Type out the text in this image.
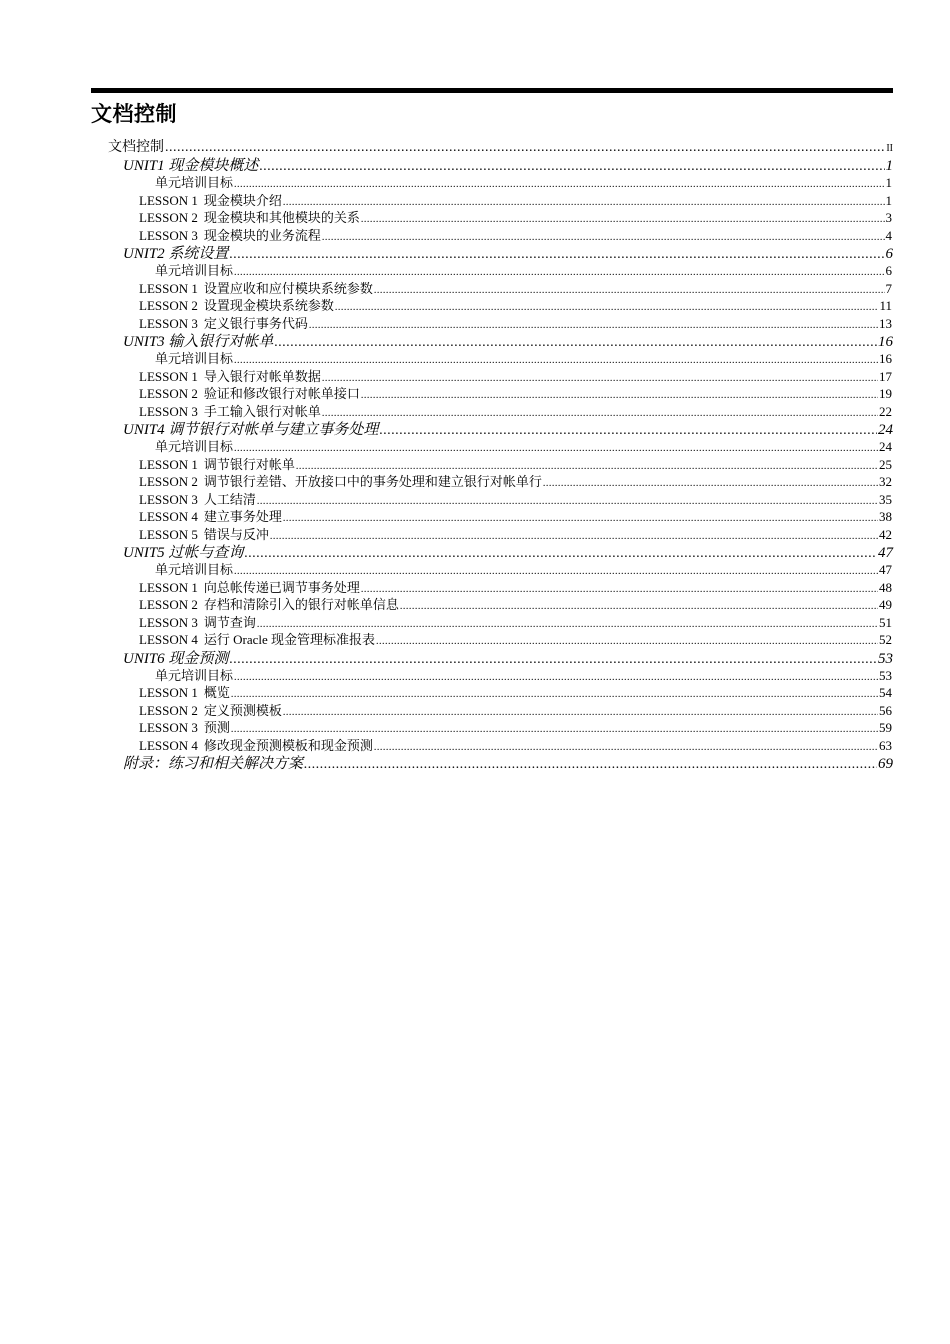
文档控制
文档控制 .....	II
UNIT1 现金模块概述 .....	1
单元培训目标 .....	1
LESSON 1 现金模块介绍 .....	1
LESSON 2 现金模块和其他模块的关系 .....	3
LESSON 3 现金模块的业务流程 .....	4
UNIT2 系统设置 .....	6
单元培训目标 .....	6
LESSON 1 设置应收和应付模块系统参数 .....	7
LESSON 2 设置现金模块系统参数 .....	11
LESSON 3 定义银行事务代码 .....	13
UNIT3 输入银行对帐单 .....	16
单元培训目标 .....	16
LESSON 1 导入银行对帐单数据 .....	17
LESSON 2 验证和修改银行对帐单接口 .....	19
LESSON 3 手工输入银行对帐单 .....	22
UNIT4 调节银行对帐单与建立事务处理 .....	24
单元培训目标 .....	24
LESSON 1 调节银行对帐单 .....	25
LESSON 2 调节银行差错、开放接口中的事务处理和建立银行对帐单行 .....	32
LESSON 3 人工结清 .....	35
LESSON 4 建立事务处理 .....	38
LESSON 5 错误与反冲 .....	42
UNIT5 过帐与查询 .....	47
单元培训目标 .....	47
LESSON 1 向总帐传递已调节事务处理 .....	48
LESSON 2 存档和清除引入的银行对帐单信息 .....	49
LESSON 3 调节查询 .....	51
LESSON 4 运行 Oracle 现金管理标准报表 .....	52
UNIT6 现金预测 .....	53
单元培训目标 .....	53
LESSON 1 概览 .....	54
LESSON 2 定义预测模板 .....	56
LESSON 3 预测 .....	59
LESSON 4 修改现金预测模板和现金预测 .....	63
附录：练习和相关解决方案 .....	69
